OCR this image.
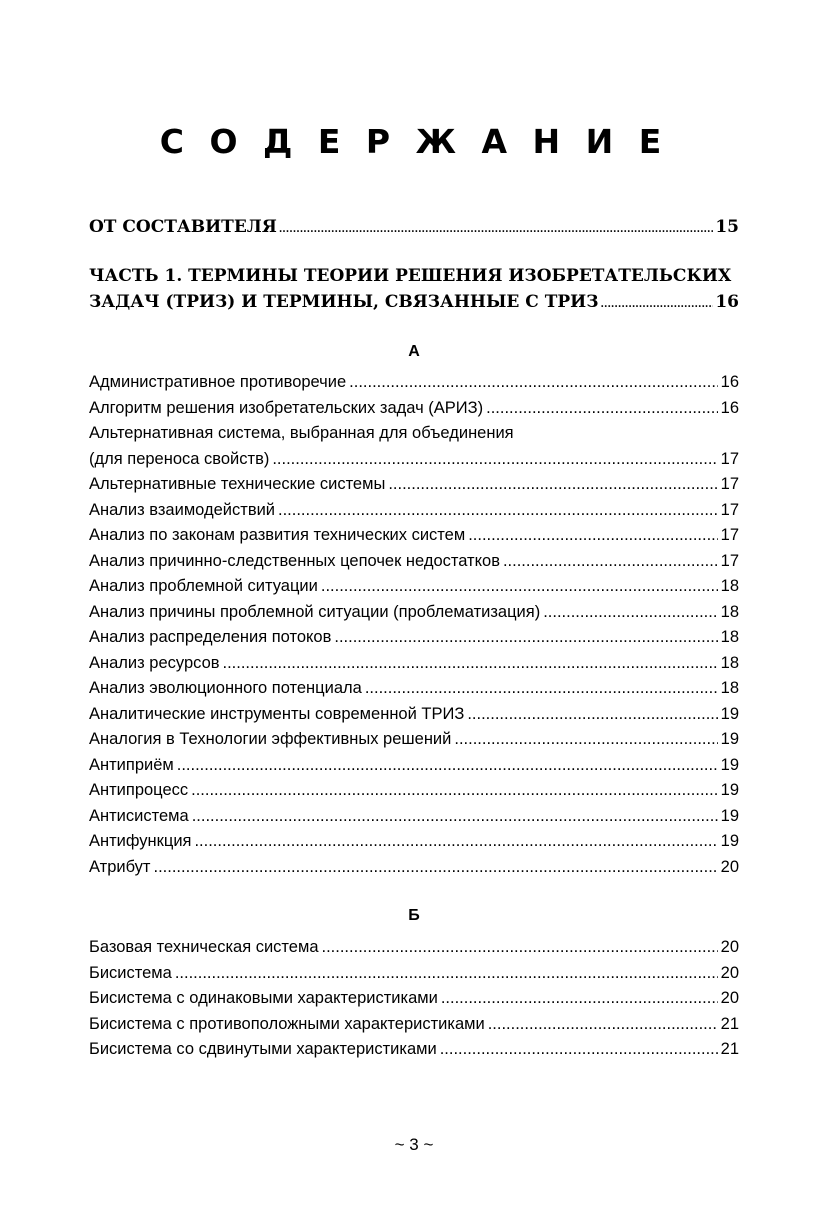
С О Д Е Р Ж А Н И Е
ОТ СОСТАВИТЕЛЯ .....	15
ЧАСТЬ 1. ТЕРМИНЫ ТЕОРИИ РЕШЕНИЯ ИЗОБРЕТАТЕЛЬСКИХ
ЗАДАЧ (ТРИЗ) И ТЕРМИНЫ, СВЯЗАННЫЕ С ТРИЗ .....	16
А
Административное противоречие .....	16
Алгоритм решения изобретательских задач (АРИЗ) .....	16
Альтернативная система, выбранная для объединения
(для переноса свойств) .....	17
Альтернативные технические системы .....	17
Анализ взаимодействий .....	17
Анализ по законам развития технических систем .....	17
Анализ причинно-следственных цепочек недостатков .....	17
Анализ проблемной ситуации .....	18
Анализ причины проблемной ситуации (проблематизация) .....	18
Анализ распределения потоков .....	18
Анализ ресурсов .....	18
Анализ эволюционного потенциала .....	18
Аналитические инструменты современной ТРИЗ .....	19
Аналогия в Технологии эффективных решений .....	19
Антиприём .....	19
Антипроцесс .....	19
Антисистема .....	19
Антифункция .....	19
Атрибут .....	20
Б
Базовая техническая система .....	20
Бисистема .....	20
Бисистема с одинаковыми характеристиками .....	20
Бисистема с противоположными характеристиками .....	21
Бисистема со сдвинутыми характеристиками .....	21
~ 3 ~
